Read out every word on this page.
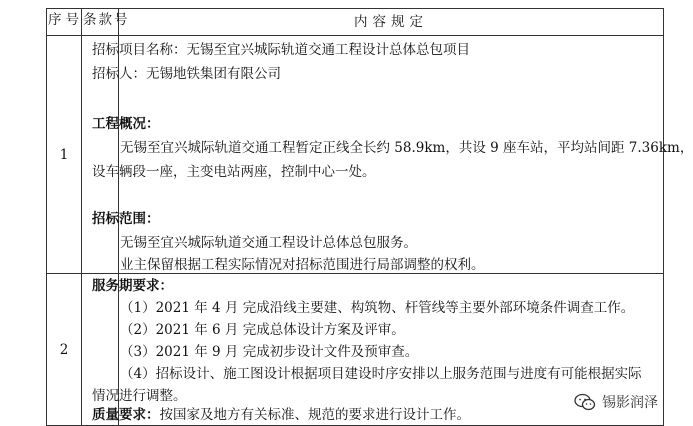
序号 条款号	内容规定
1
招标项目名称：无锡至宜兴城际轨道交通工程设计总体总包项目
招标人：无锡地铁集团有限公司
工程概况：
无锡至宜兴城际轨道交通工程暂定正线全长约 58.9km，共设 9 座车站，平均站间距 7.36km，
设车辆段一座，主变电站两座，控制中心一处。
招标范围：
无锡至宜兴城际轨道交通工程设计总体总包服务。
业主保留根据工程实际情况对招标范围进行局部调整的权利。
2
服务期要求：
（1）2021 年 4 月 完成沿线主要建、构筑物、杆管线等主要外部环境条件调查工作。
（2）2021 年 6 月 完成总体设计方案及评审。
（3）2021 年 9 月 完成初步设计文件及预审查。
（4）招标设计、施工图设计根据项目建设时序安排以上服务范围与进度有可能根据实际
情况进行调整。
质量要求：按国家及地方有关标准、规范的要求进行设计工作。
锡影润泽
